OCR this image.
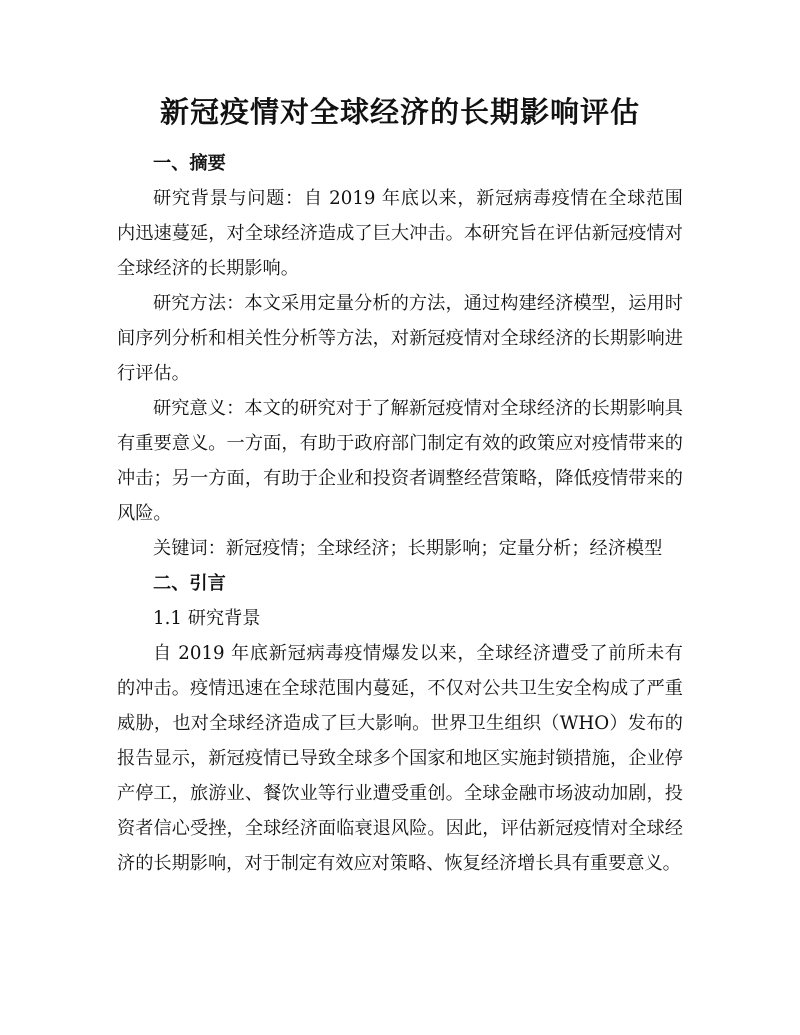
新冠疫情对全球经济的长期影响评估

一、摘要

研究背景与问题：自 2019 年底以来，新冠病毒疫情在全球范围内迅速蔓延，对全球经济造成了巨大冲击。本研究旨在评估新冠疫情对全球经济的长期影响。

研究方法：本文采用定量分析的方法，通过构建经济模型，运用时间序列分析和相关性分析等方法，对新冠疫情对全球经济的长期影响进行评估。

研究意义：本文的研究对于了解新冠疫情对全球经济的长期影响具有重要意义。一方面，有助于政府部门制定有效的政策应对疫情带来的冲击；另一方面，有助于企业和投资者调整经营策略，降低疫情带来的风险。

关键词：新冠疫情；全球经济；长期影响；定量分析；经济模型

二、引言

1.1 研究背景

自 2019 年底新冠病毒疫情爆发以来，全球经济遭受了前所未有的冲击。疫情迅速在全球范围内蔓延，不仅对公共卫生安全构成了严重威胁，也对全球经济造成了巨大影响。世界卫生组织（WHO）发布的报告显示，新冠疫情已导致全球多个国家和地区实施封锁措施，企业停产停工，旅游业、餐饮业等行业遭受重创。全球金融市场波动加剧，投资者信心受挫，全球经济面临衰退风险。因此，评估新冠疫情对全球经济的长期影响，对于制定有效应对策略、恢复经济增长具有重要意义。
